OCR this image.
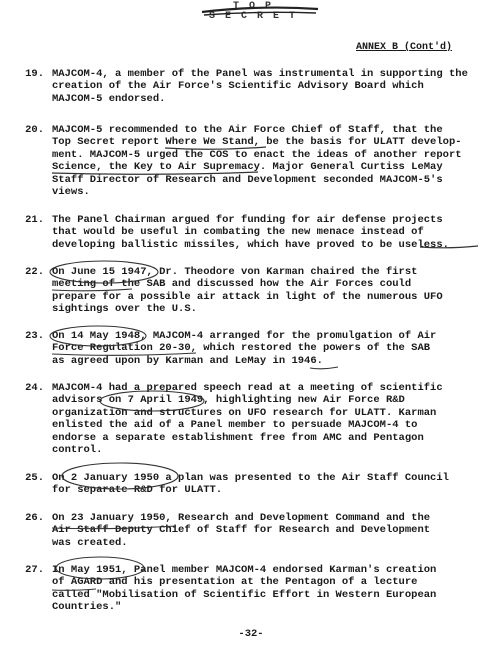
T O P
S E C R E T
ANNEX B (Cont'd)
19. MAJCOM-4, a member of the Panel was instrumental in supporting the
creation of the Air Force's Scientific Advisory Board which
MAJCOM-5 endorsed.
20. MAJCOM-5 recommended to the Air Force Chief of Staff, that the
Top Secret report Where We Stand, be the basis for ULATT develop-
ment. MAJCOM-5 urged the COS to enact the ideas of another report
Science, the Key to Air Supremacy. Major General Curtiss LeMay
Staff Director of Research and Development seconded MAJCOM-5's
views.
21. The Panel Chairman argued for funding for air defense projects
that would be useful in combating the new menace instead of
developing ballistic missiles, which have proved to be useless.
22. On June 15 1947, Dr. Theodore von Karman chaired the first
meeting of the SAB and discussed how the Air Forces could
prepare for a possible air attack in light of the numerous UFO
sightings over the U.S.
23. On 14 May 1948, MAJCOM-4 arranged for the promulgation of Air
Force Regulation 20-30, which restored the powers of the SAB
as agreed upon by Karman and LeMay in 1946.
24. MAJCOM-4 had a prepared speech read at a meeting of scientific
advisors on 7 April 1949, highlighting new Air Force R&D
organization and structures on UFO research for ULATT. Karman
enlisted the aid of a Panel member to persuade MAJCOM-4 to
endorse a separate establishment free from AMC and Pentagon
control.
25. On 2 January 1950 a plan was presented to the Air Staff Council
for separate R&D for ULATT.
26. On 23 January 1950, Research and Development Command and the
Air Staff Deputy Chief of Staff for Research and Development
was created.
27. In May 1951, Panel member MAJCOM-4 endorsed Karman's creation
of AGARD and his presentation at the Pentagon of a lecture
called "Mobilisation of Scientific Effort in Western European
Countries."
-32-
